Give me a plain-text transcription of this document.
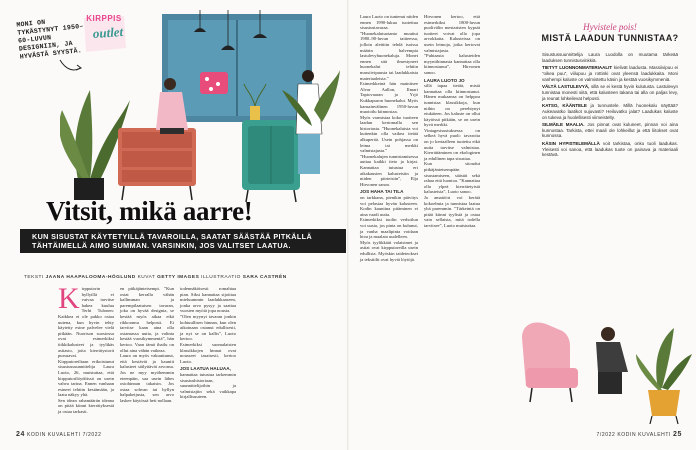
KIRPPIS
outlet
MONI ON TYKÄSTYNYT 1950–60-LUVUN DESIGNIIN, JA HYVÄSTÄ SYYSTÄ.
Vitsit, mikä aarre!
KUN SISUSTAT KÄYTETYILLÄ TAVAROILLA, SAATAT SÄÄSTÄÄ PITKÄLLÄ
TÄHTÄIMELLÄ AIMO SUMMAN. VARSINKIN, JOS VALITSET LAATUA.
TEKSTI JAANA HAAPALOOMA-HÖGLUND KUVAT GETTY IMAGES ILLUSTRAATIO SARA CASTRÉN
K irpputorin hyllyillä ei vaivaa tarvitse hakea kuulua Terhi Tulonen: Kaikkea ei ole pakko ostaa uutena, kun hyvin tehty käytetty esine palvelee vielä pitkään. Nuorison suosiossa ovat esimerkiksi tiikkikalusteet ja tyylikäs astiasto, joita kierrätystorit pursuavat.

Kirpputoreiltaan erikoistunut sisustussuunnittelija Laura Luoto, 26, muistuttaa, että kirpputorilöydöissä on usein vahva tarina. Ennen vanhaan esineet tehtiin kestämään, ja laatu näkyy yhä.

Sen idean rahamäärän ideana on pitää kiinni kierrätyksestä ja ostaa tarkasti.

en pitkäjänteisempi. ”Kun ostat kerralla vähän kallimman ja parempilaatuisen tavaran, joka on hyvää designia, se kestää myös aikaa eikä rikkoonnu helposti. Ei tarvitse kaan aina olla ostamassa uutta, ja valinta kestää vuosikymmeniä”, hän kertoo. Vaan tämä ihailu on ollut aina vähän vaikeaa.

Laura on myös vakuuttunut, että kestävät ja kauniit kalusteet säilyttävät arvonsa. Jos ne myy myöhemmin eteenpäin, saa usein lähes ostohinnan takaisin. Jos ostaa sohvan tai hyllyn halpaketjusta, sen arvo laskee käytössä heti nollaan.

todennäköisesti romahtaa pian. Siksi kannattaa sijoittaa mieluummin laadukkaaseen, jonka arvo pysyy ja saattaa vuosien myötä jopa nousta.

”Olen myynyt tavaran jonkin kohtuullisen hinnan, kun olen aikoinaan ostanut edullisesti, ja nyt se on kallis”, Luoto kertoo.

Esimerkiksi suomalaisten klassikkojen hinnat ovat nousseet tasaisesti, kertoo Luoto.

JOS LAATUA HALUAA,

kannattaa tutustua tarkemmin sisustushistoriaan, suunnittelijoihin ja valmistajiin sekä vaikkapa kirjallisuuteen.

Laura Luoto on tuntenut niiden ennen 1990-lukua tuotettua sisustustavaraa. ”Huonekalutuotanto muuttui 1980–90-luvun taitteessa, jolloin aletttiin tehdä isoissa määrin halvempia lastulevyhuonekaluja. Monet ennen sitä ilmestyneet huonekalut tehtiin massiivipuusta tai laadukkaista materiaaleista.”

Esimerkkeinä hän mainitsee Alvar Aallon, Ilmari Tapiovaaran ja Yrjö Kukkapuron huonekalut. Myös kansainvälinen 1950-luvun muotoilu kiinnostaa.

Myös varmistaa koko tuotteen laadun kertomalla sen historiasta. ”Huonekaluista voi kuitenkin olla vaikea tietää alkuperää. Usein pohjassa on leima tai merkki valmistajasta.”

”Huonekalujen tunnistamisessa auttaa kaikki tieto ja kirjat. Kannattaa tutustua eri aikakausien kalusteisiin ja niiden piirteisiin”, Elja Hirvonen sanoo.

JOS HAHA TAI TILA

on tarkkana, pienikin päivitys voi pelastaa hyvän kalusteen. Kodin kauniina pitäminen ei aina vaadi uutta.

Esimerkiksi tuolin verhoilun voi uusia, jos pinta on kulunut, ja vanha maalipinta voidaan hioa ja maalata uudelleen.

Myös tyylikkäät valaisimet ja astiat ovat kirpputoreilla usein edullisia. Myöskin taideteokset ja tekstiilit ovat hyviä löytöjä.

Hirvonen kertoo, että esimerkiksi 1800-luvun puolivälin mestaristen kypsät tuotteet voivat olla jopa arvokkaita. Kalusteissa on usein leimoja, jotka kertovat valmistajasta.

”Puhtaasta kalusteiden myyntihinnasta kannattaa olla kiinnostunut”, Hirvonen sanoo.

LAURA LUOTO JO

sillä tapaa tietää, mistä kannattaa olla kiinnostunut. Hänen mukaansa on helppoa tunnistaa klassikkoja, kun niihin on perehtynyt etukäteen. Jos kaluste on ollut käytössä pitkään, se on usein hyvä merkki.

Vintagesisustuksessa on selkeä hyvä puoli: tavaroita on jo kertaalleen tuotettu eikä uutta tarvitse valmistaa. Kierrättäminen on ekologinen ja edullinen tapa sisustaa.

Kun sitoudut pitkäjänteisempään sisustamiseen, säästät sekä rahaa että luontoa. ”Kannattaa olla ylpeä kierrätetyistä kalusteista”, Luoto sanoo.

Ja amatööri voi kerätä kokoelmia ja tunnistaa laatua yhä paremmin. ”Tärkeintä on pitää kiinni tyylistä ja ostaa vain sellaista, mitä todella tarvitsee”, Luoto muistuttaa.

Hyvistele pois!
MISTÄ LAADUN TUNNISTAA?

Sisustussuunnittelija Laura Luodolla on muutama tärkeää laaduksen tunnistusvinkkiä.

TIETYT LUONNONMATERIAALIT kielivät laadusta. Massiivipuu ei ”oikea puu”, viilupuu ja rottinki ovat yleensä laadukkaita. Moni vanhempi kaluste on valmistettu käsin ja kestää vuosikymmeniä.

VÄLTÄ LASTULEVYÄ, sillä se ei kestä hyvin kulutusta. Lastulevyn tunnistaa monesti siitä, että kalusteen takana tai alla on paljas levy, ja reunat lohkeilevat helposti.

KATSO, KÄÄNTELE ja tunnustele. Millä huonekalu näyttää? Aukeavatko laatikot sujuvasti? Heiluvatko jalat? Laadukas kaluste on tukeva ja huolellisesti viimeistelty.

SILMÄILE MAALIA. Jos pinnat ovat kuluneet, pinnan voi aina kunnostaa. Tarkista, ettei maali ole lohkeillut ja että liitokset ovat kunnossa.

KÄSIN HYPISTELEMÄLLÄ voit tarkistaa, onko tuoli laadukas. Yleisesti voi sanoa, että laadukas tuote on painava ja materiaali kestävä.

24 KODIN KUVALEHTI 7/2022	7/2022 KODIN KUVALEHTI 25
